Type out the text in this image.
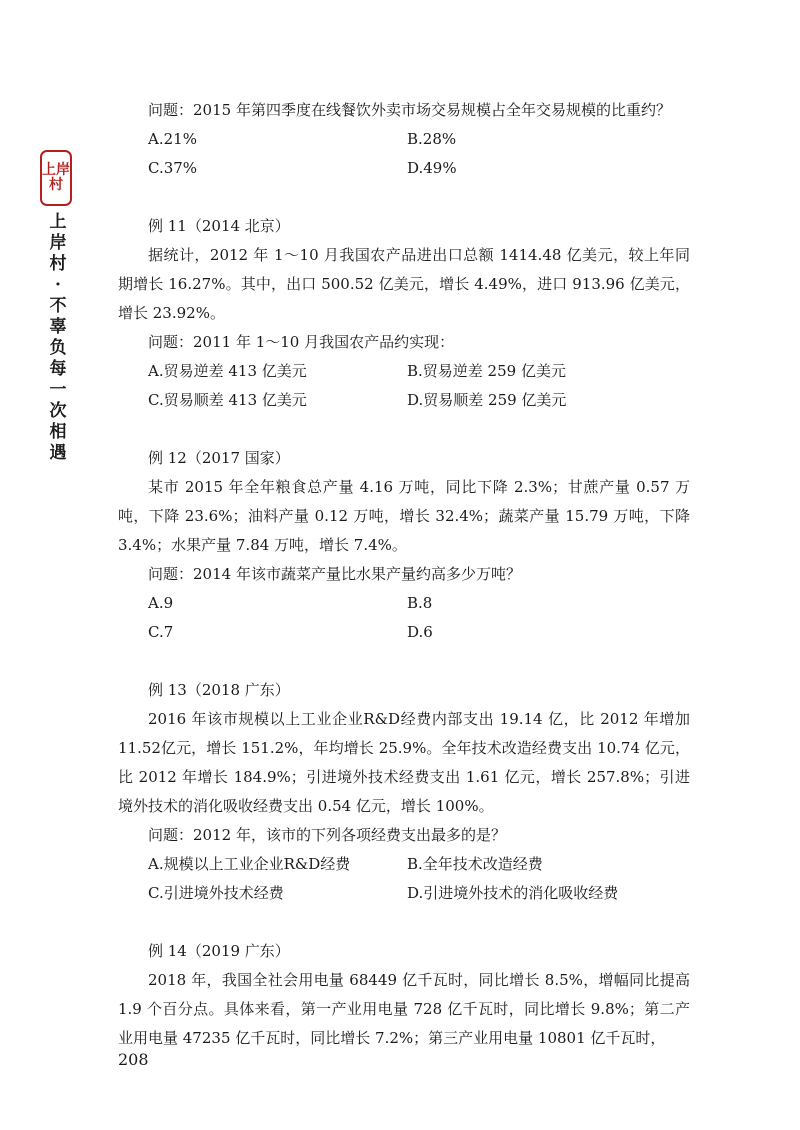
上岸
村
上岸村·不辜负每一次相遇
问题：2015 年第四季度在线餐饮外卖市场交易规模占全年交易规模的比重约？
A.21%	B.28%
C.37%	D.49%
例 11（2014 北京）
据统计，2012 年 1～10 月我国农产品进出口总额 1414.48 亿美元，较上年同期增长 16.27%。其中，出口 500.52 亿美元，增长 4.49%，进口 913.96 亿美元，增长 23.92%。
问题：2011 年 1～10 月我国农产品约实现：
A.贸易逆差 413 亿美元	B.贸易逆差 259 亿美元
C.贸易顺差 413 亿美元	D.贸易顺差 259 亿美元
例 12（2017 国家）
某市 2015 年全年粮食总产量 4.16 万吨，同比下降 2.3%；甘蔗产量 0.57 万吨，下降 23.6%；油料产量 0.12 万吨，增长 32.4%；蔬菜产量 15.79 万吨，下降 3.4%；水果产量 7.84 万吨，增长 7.4%。
问题：2014 年该市蔬菜产量比水果产量约高多少万吨？
A.9	B.8
C.7	D.6
例 13（2018 广东）
2016 年该市规模以上工业企业R&D经费内部支出 19.14 亿，比 2012 年增加 11.52亿元，增长 151.2%，年均增长 25.9%。全年技术改造经费支出 10.74 亿元，比 2012 年增长 184.9%；引进境外技术经费支出 1.61 亿元，增长 257.8%；引进境外技术的消化吸收经费支出 0.54 亿元，增长 100%。
问题：2012 年，该市的下列各项经费支出最多的是？
A.规模以上工业企业R&D经费	B.全年技术改造经费
C.引进境外技术经费	D.引进境外技术的消化吸收经费
例 14（2019 广东）
2018 年，我国全社会用电量 68449 亿千瓦时，同比增长 8.5%，增幅同比提高 1.9 个百分点。具体来看，第一产业用电量 728 亿千瓦时，同比增长 9.8%；第二产业用电量 47235 亿千瓦时，同比增长 7.2%；第三产业用电量 10801 亿千瓦时，
208
